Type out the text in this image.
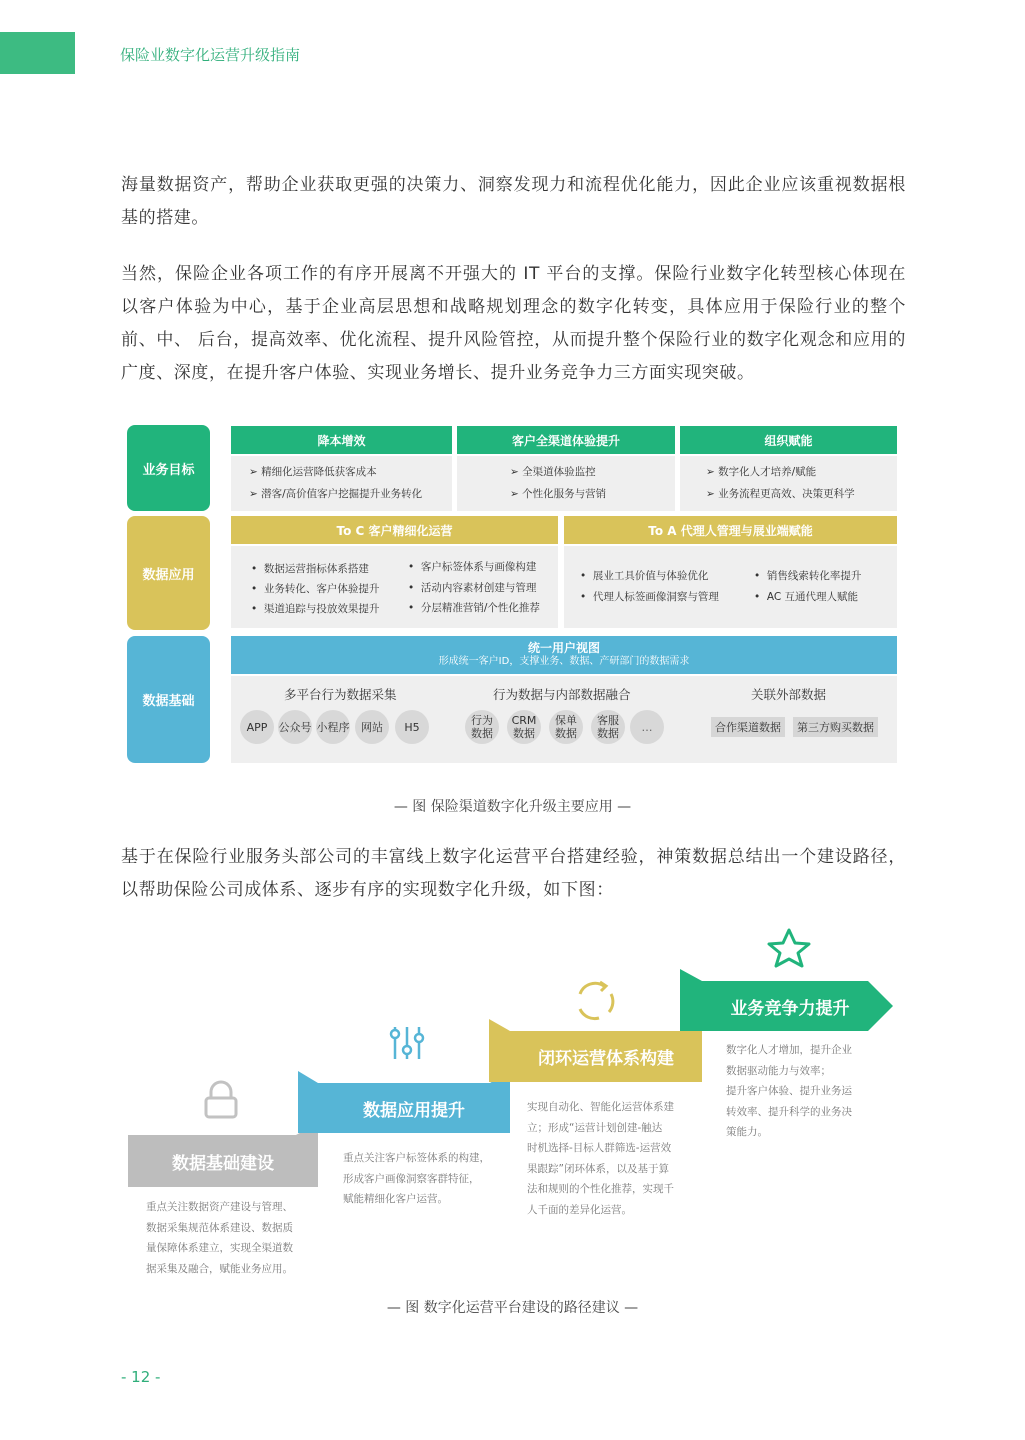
保险业数字化运营升级指南
海量数据资产，帮助企业获取更强的决策力、洞察发现力和流程优化能力，因此企业应该重视数据根基的搭建。
当然，保险企业各项工作的有序开展离不开强大的 IT 平台的支撑。保险行业数字化转型核心体现在以客户体验为中心，基于企业高层思想和战略规划理念的数字化转变，具体应用于保险行业的整个前、中、 后台，提高效率、优化流程、提升风险管控，从而提升整个保险行业的数字化观念和应用的广度、深度，在提升客户体验、实现业务增长、提升业务竞争力三方面实现突破。
业务目标
数据应用
数据基础
降本增效	客户全渠道体验提升	组织赋能
➢ 精细化运营降低获客成本
➢ 潜客/高价值客户挖掘提升业务转化
➢ 全渠道体验监控
➢ 个性化服务与营销
➢ 数字化人才培养/赋能
➢ 业务流程更高效、决策更科学
To C 客户精细化运营	To A 代理人管理与展业端赋能
•  数据运营指标体系搭建
•  业务转化、客户体验提升
•  渠道追踪与投放效果提升
•  客户标签体系与画像构建
•  活动内容素材创建与管理
•  分层精准营销/个性化推荐
•  展业工具价值与体验优化
•  代理人标签画像洞察与管理
•  销售线索转化率提升
•  AC 互通代理人赋能
统一用户视图
形成统一客户ID，支撑业务、数据、产研部门的数据需求
多平台行为数据采集	行为数据与内部数据融合	关联外部数据
APP	公众号 小程序	网站	H5	行为
数据
CRM
数据
保单
数据
客服
数据	…	合作渠道数据	第三方购买数据
— 图 保险渠道数字化升级主要应用 —
基于在保险行业服务头部公司的丰富线上数字化运营平台搭建经验，神策数据总结出一个建设路径，以帮助保险公司成体系、逐步有序的实现数字化升级，如下图：
数据基础建设
数据应用提升
闭环运营体系构建
业务竞争力提升
重点关注数据资产建设与管理、
数据采集规范体系建设、数据质
量保障体系建立，实现全渠道数
据采集及融合，赋能业务应用。
重点关注客户标签体系的构建，
形成客户画像洞察客群特征，
赋能精细化客户运营。
实现自动化、智能化运营体系建
立；形成“运营计划创建-触达
时机选择-目标人群筛选-运营效
果跟踪”闭环体系，以及基于算
法和规则的个性化推荐，实现千
人千面的差异化运营。
数字化人才增加，提升企业
数据驱动能力与效率；
提升客户体验、提升业务运
转效率、提升科学的业务决
策能力。
— 图 数字化运营平台建设的路径建议 —
- 12 -
